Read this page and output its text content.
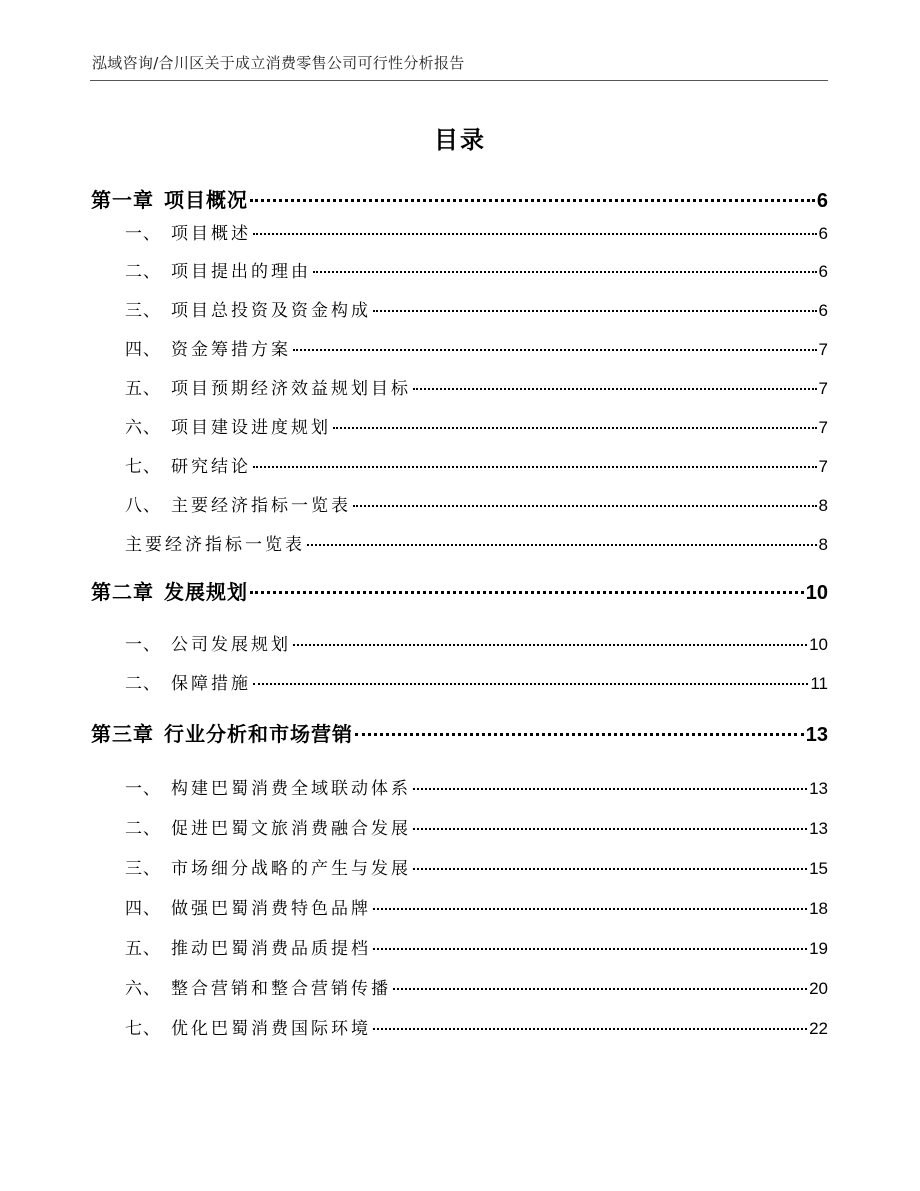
泓域咨询/合川区关于成立消费零售公司可行性分析报告
目录
第一章 项目概况	6
一、 项目概述	6
二、 项目提出的理由	6
三、 项目总投资及资金构成	6
四、 资金筹措方案	7
五、 项目预期经济效益规划目标	7
六、 项目建设进度规划	7
七、 研究结论	7
八、 主要经济指标一览表	8
主要经济指标一览表	8
第二章 发展规划	10
一、 公司发展规划	10
二、 保障措施	11
第三章 行业分析和市场营销	13
一、 构建巴蜀消费全域联动体系	13
二、 促进巴蜀文旅消费融合发展	13
三、 市场细分战略的产生与发展	15
四、 做强巴蜀消费特色品牌	18
五、 推动巴蜀消费品质提档	19
六、 整合营销和整合营销传播	20
七、 优化巴蜀消费国际环境	22
